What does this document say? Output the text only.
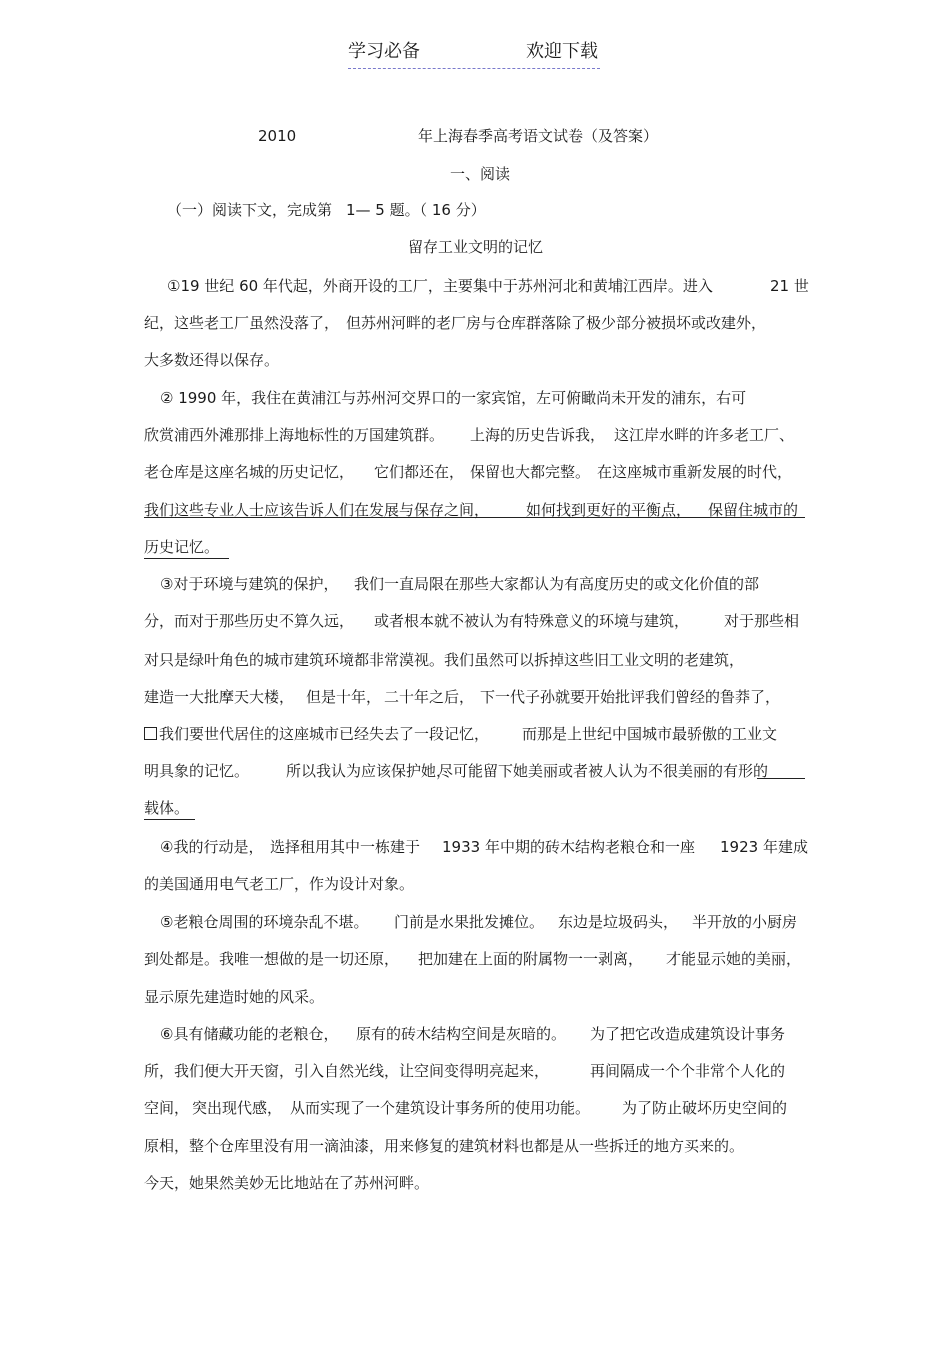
学习必备	欢迎下载
2010	年上海春季高考语文试卷（及答案）
一、阅读
（一）阅读下文，完成第 1— 5 题。（ 16 分）
留存工业文明的记忆
①19 世纪 60 年代起，外商开设的工厂，主要集中于苏州河北和黄埔江西岸。进入	21 世
纪，这些老工厂虽然没落了， 但苏州河畔的老厂房与仓库群落除了极少部分被损坏或改建外，
大多数还得以保存。
② 1990 年，我住在黄浦江与苏州河交界口的一家宾馆，左可俯瞰尚未开发的浦东，右可
欣赏浦西外滩那排上海地标性的万国建筑群。 上海的历史告诉我， 这江岸水畔的许多老工厂、
老仓库是这座名城的历史记忆， 它们都还在， 保留也大都完整。 在这座城市重新发展的时代，
我们这些专业人士应该告诉人们在发展与保存之间， 如何找到更好的平衡点， 保留住城市的
历史记忆。
③对于环境与建筑的保护， 我们一直局限在那些大家都认为有高度历史的或文化价值的部
分，而对于那些历史不算久远， 或者根本就不被认为有特殊意义的环境与建筑， 对于那些相
对只是绿叶角色的城市建筑环境都非常漠视。我们虽然可以拆掉这些旧工业文明的老建筑，
建造一大批摩天大楼， 但是十年， 二十年之后， 下一代子孙就要开始批评我们曾经的鲁莽了，
我们要世代居住的这座城市已经失去了一段记忆， 而那是上世纪中国城市最骄傲的工业文
明具象的记忆。 所以我认为应该保护她，
尽可能留下她美丽或者被人认为不很美丽的有形的
载体。
④我的行动是， 选择租用其中一栋建于 1933 年中期的砖木结构老粮仓和一座 1923 年建成
的美国通用电气老工厂，作为设计对象。
⑤老粮仓周围的环境杂乱不堪。 门前是水果批发摊位。 东边是垃圾码头， 半开放的小厨房
到处都是。我唯一想做的是一切还原， 把加建在上面的附属物一一剥离， 才能显示她的美丽，
显示原先建造时她的风采。
⑥具有储藏功能的老粮仓， 原有的砖木结构空间是灰暗的。 为了把它改造成建筑设计事务
所，我们便大开天窗，引入自然光线，让空间变得明亮起来，	再间隔成一个个非常个人化的
空间， 突出现代感， 从而实现了一个建筑设计事务所的使用功能。 为了防止破坏历史空间的
原相，整个仓库里没有用一滴油漆，用来修复的建筑材料也都是从一些拆迁的地方买来的。
今天，她果然美妙无比地站在了苏州河畔。
